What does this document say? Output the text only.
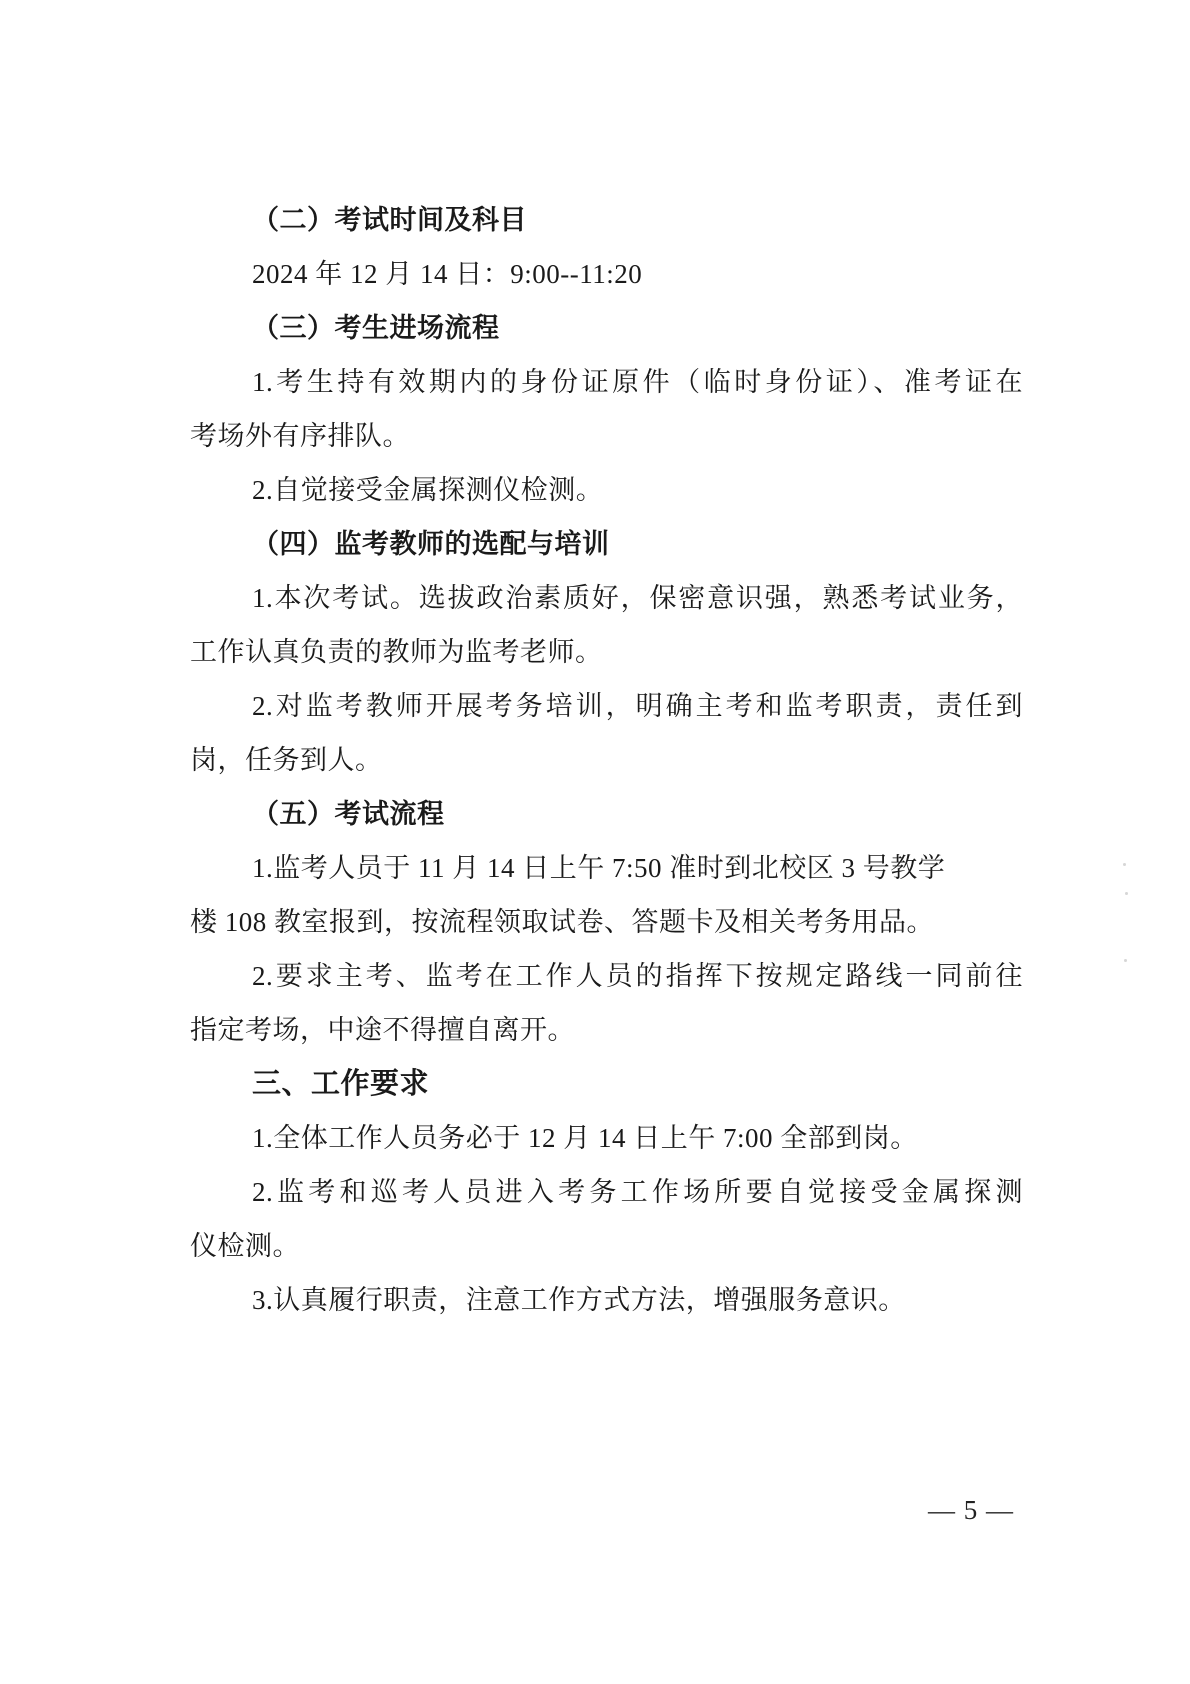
（二）考试时间及科目
2024 年 12 月 14 日：9:00--11:20
（三）考生进场流程
1.考生持有效期内的身份证原件（临时身份证）、准考证在
考场外有序排队。
2.自觉接受金属探测仪检测。
（四）监考教师的选配与培训
1.本次考试。选拔政治素质好，保密意识强，熟悉考试业务，
工作认真负责的教师为监考老师。
2.对监考教师开展考务培训，明确主考和监考职责，责任到
岗，任务到人。
（五）考试流程
1.监考人员于 11 月 14 日上午 7:50 准时到北校区 3 号教学
楼 108 教室报到，按流程领取试卷、答题卡及相关考务用品。
2.要求主考、监考在工作人员的指挥下按规定路线一同前往
指定考场，中途不得擅自离开。
三、工作要求
1.全体工作人员务必于 12 月 14 日上午 7:00 全部到岗。
2.监考和巡考人员进入考务工作场所要自觉接受金属探测
仪检测。
3.认真履行职责，注意工作方式方法，增强服务意识。
— 5 —
